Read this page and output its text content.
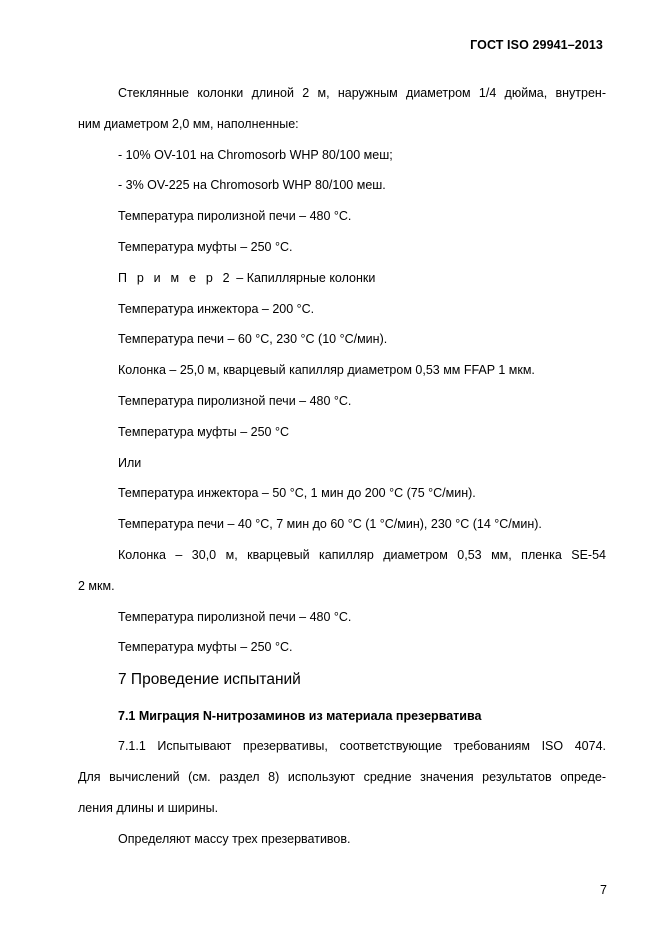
ГОСТ ISO 29941–2013

Стеклянные колонки длиной 2 м, наружным диаметром 1/4 дюйма, внутрен-

ним диаметром 2,0 мм, наполненные:

- 10% OV-101 на Chromosorb WHP 80/100 меш;

- 3% OV-225 на Chromosorb WHP 80/100 меш.

Температура пиролизной печи – 480 °С.

Температура муфты – 250 °С.

П р и м е р 2 – Капиллярные колонки

Температура инжектора – 200 °С.

Температура печи – 60 °С, 230 °С (10 °С/мин).

Колонка – 25,0 м, кварцевый капилляр диаметром 0,53 мм FFAP 1 мкм.

Температура пиролизной печи – 480 °С.

Температура муфты – 250 °С

Или

Температура инжектора – 50 °С, 1 мин до 200 °С (75 °С/мин).

Температура печи – 40 °С, 7 мин до 60 °С (1 °С/мин), 230 °С (14 °С/мин).

Колонка – 30,0 м, кварцевый капилляр диаметром 0,53 мм, пленка SE-54

2 мкм.

Температура пиролизной печи – 480 °С.

Температура муфты – 250 °С.

7 Проведение испытаний
7.1 Миграция N-нитрозаминов из материала презерватива

7.1.1 Испытывают презервативы, соответствующие требованиям ISO 4074.

Для вычислений (см. раздел 8) используют средние значения результатов опреде-

ления длины и ширины.

Определяют массу трех презервативов.

7
